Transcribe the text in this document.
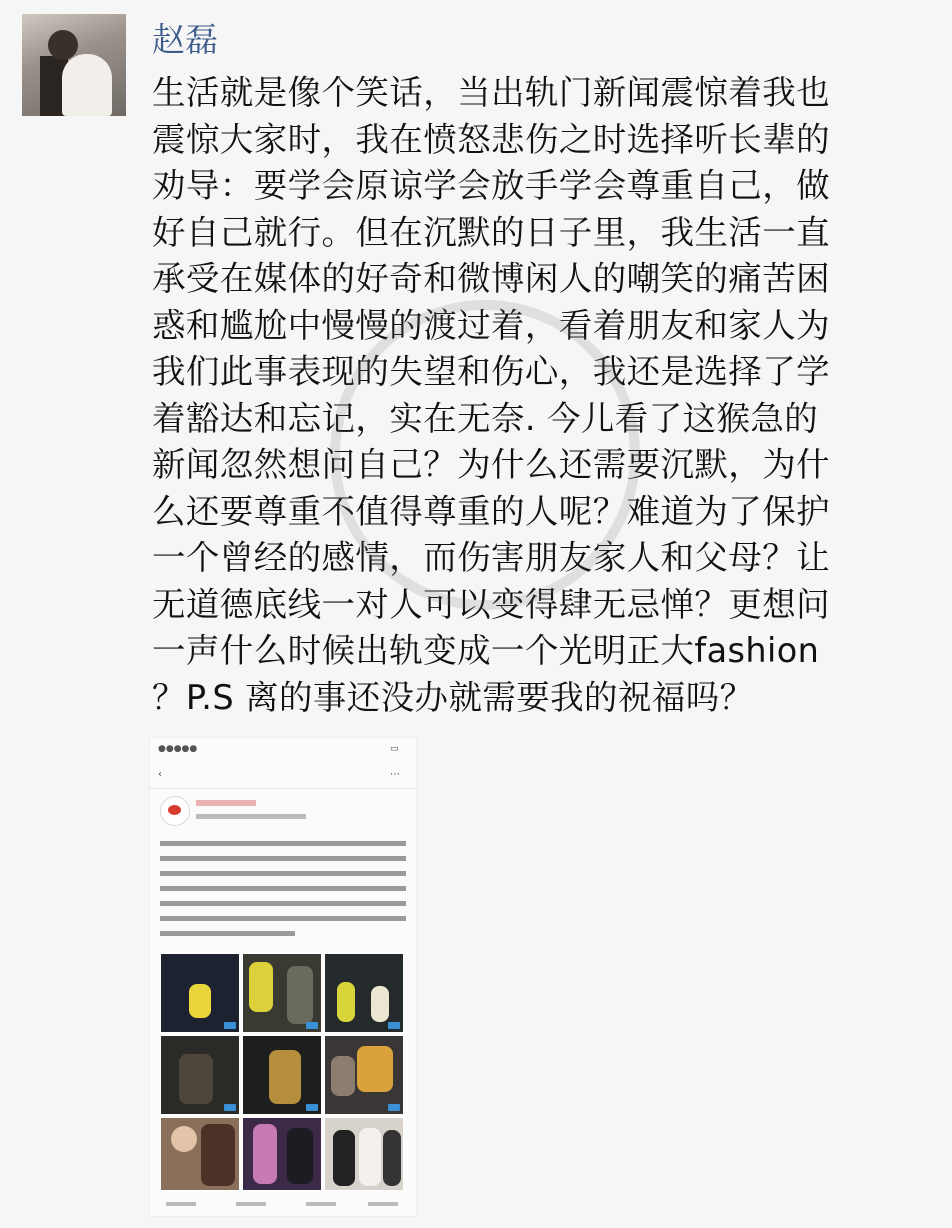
赵磊
生活就是像个笑话，当出轨门新闻震惊着我也
震惊大家时，我在愤怒悲伤之时选择听长辈的
劝导：要学会原谅学会放手学会尊重自己，做
好自己就行。但在沉默的日子里，我生活一直
承受在媒体的好奇和微博闲人的嘲笑的痛苦困
惑和尴尬中慢慢的渡过着，看着朋友和家人为
我们此事表现的失望和伤心，我还是选择了学
着豁达和忘记，实在无奈. 今儿看了这猴急的
新闻忽然想问自己？为什么还需要沉默，为什
么还要尊重不值得尊重的人呢？难道为了保护
一个曾经的感情，而伤害朋友家人和父母？让
无道德底线一对人可以变得肆无忌惮？更想问
一声什么时候出轨变成一个光明正大fashion
？P.S 离的事还没办就需要我的祝福吗？
●●●●●	▭
‹	⋯
